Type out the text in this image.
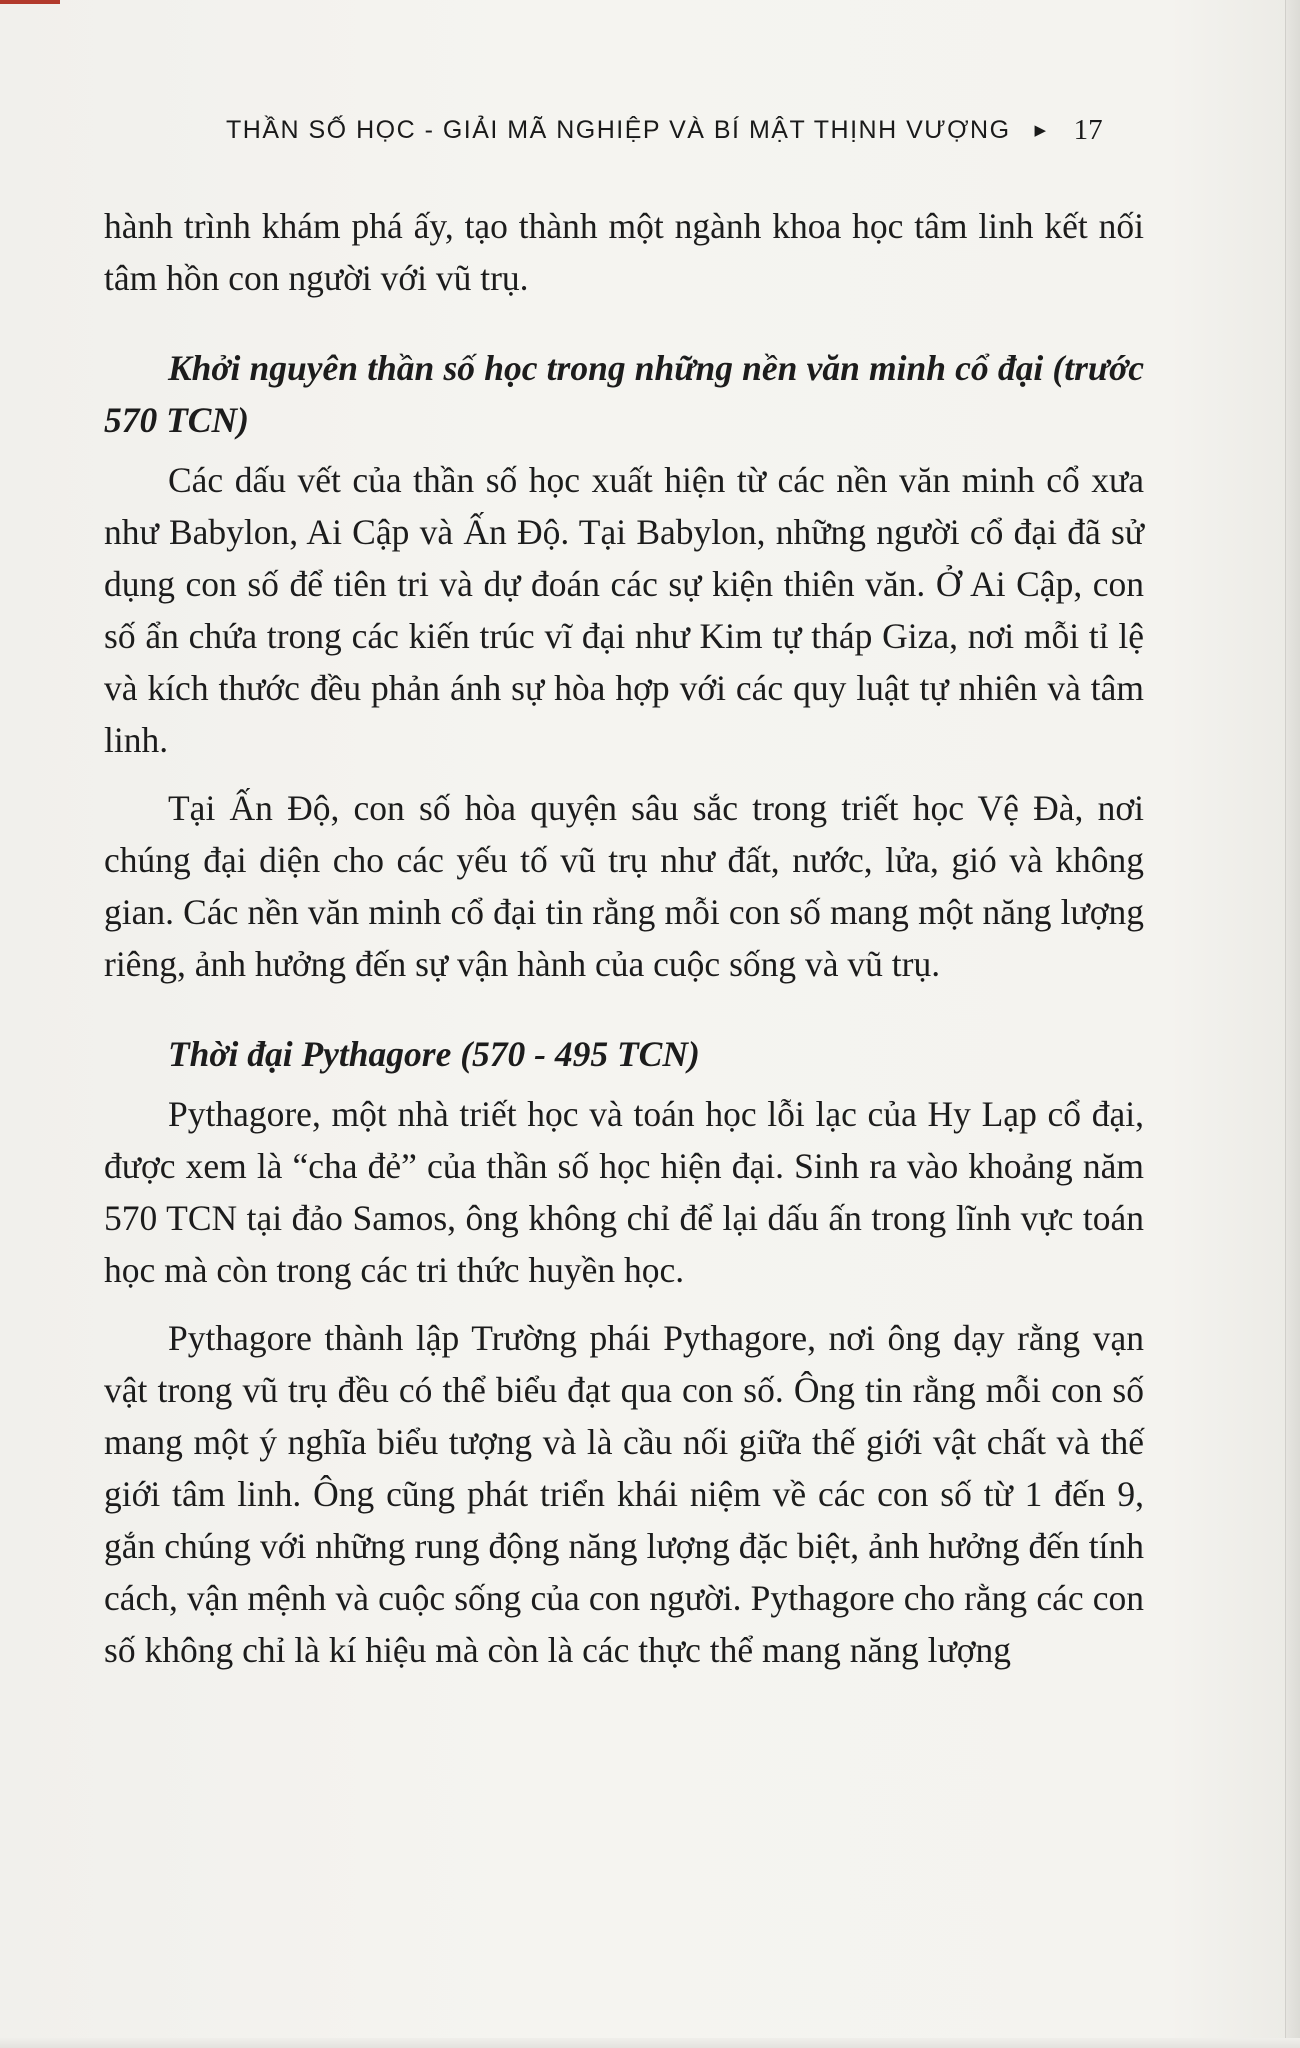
THẦN SỐ HỌC - GIẢI MÃ NGHIỆP VÀ BÍ MẬT THỊNH VƯỢNG ▶ 17

hành trình khám phá ấy, tạo thành một ngành khoa học tâm linh kết nối tâm hồn con người với vũ trụ.

Khởi nguyên thần số học trong những nền văn minh cổ đại (trước 570 TCN)

Các dấu vết của thần số học xuất hiện từ các nền văn minh cổ xưa như Babylon, Ai Cập và Ấn Độ. Tại Babylon, những người cổ đại đã sử dụng con số để tiên tri và dự đoán các sự kiện thiên văn. Ở Ai Cập, con số ẩn chứa trong các kiến trúc vĩ đại như Kim tự tháp Giza, nơi mỗi tỉ lệ và kích thước đều phản ánh sự hòa hợp với các quy luật tự nhiên và tâm linh.

Tại Ấn Độ, con số hòa quyện sâu sắc trong triết học Vệ Đà, nơi chúng đại diện cho các yếu tố vũ trụ như đất, nước, lửa, gió và không gian. Các nền văn minh cổ đại tin rằng mỗi con số mang một năng lượng riêng, ảnh hưởng đến sự vận hành của cuộc sống và vũ trụ.

Thời đại Pythagore (570 - 495 TCN)

Pythagore, một nhà triết học và toán học lỗi lạc của Hy Lạp cổ đại, được xem là “cha đẻ” của thần số học hiện đại. Sinh ra vào khoảng năm 570 TCN tại đảo Samos, ông không chỉ để lại dấu ấn trong lĩnh vực toán học mà còn trong các tri thức huyền học.

Pythagore thành lập Trường phái Pythagore, nơi ông dạy rằng vạn vật trong vũ trụ đều có thể biểu đạt qua con số. Ông tin rằng mỗi con số mang một ý nghĩa biểu tượng và là cầu nối giữa thế giới vật chất và thế giới tâm linh. Ông cũng phát triển khái niệm về các con số từ 1 đến 9, gắn chúng với những rung động năng lượng đặc biệt, ảnh hưởng đến tính cách, vận mệnh và cuộc sống của con người. Pythagore cho rằng các con số không chỉ là kí hiệu mà còn là các thực thể mang năng lượng
